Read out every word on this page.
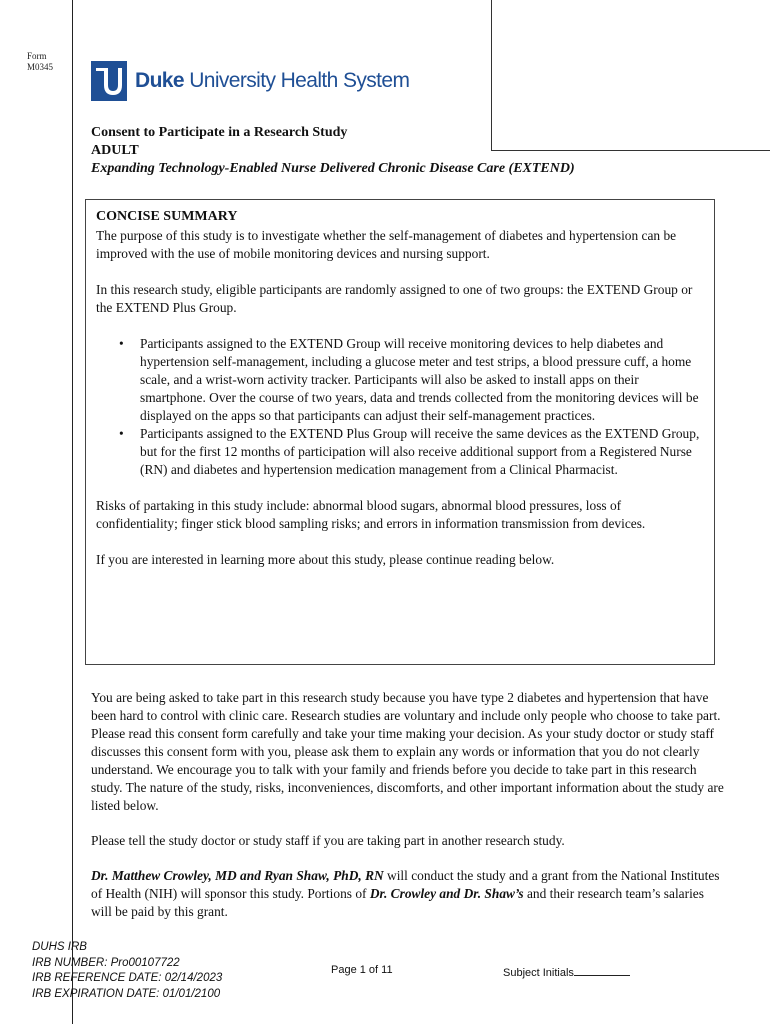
Form
M0345
Duke University Health System
Consent to Participate in a Research Study
ADULT
Expanding Technology-Enabled Nurse Delivered Chronic Disease Care (EXTEND)
CONCISE SUMMARY

The purpose of this study is to investigate whether the self-management of diabetes and hypertension can be improved with the use of mobile monitoring devices and nursing support.

In this research study, eligible participants are randomly assigned to one of two groups: the EXTEND Group or the EXTEND Plus Group.

• Participants assigned to the EXTEND Group will receive monitoring devices to help diabetes and hypertension self-management, including a glucose meter and test strips, a blood pressure cuff, a home scale, and a wrist-worn activity tracker. Participants will also be asked to install apps on their smartphone. Over the course of two years, data and trends collected from the monitoring devices will be displayed on the apps so that participants can adjust their self-management practices.
• Participants assigned to the EXTEND Plus Group will receive the same devices as the EXTEND Group, but for the first 12 months of participation will also receive additional support from a Registered Nurse (RN) and diabetes and hypertension medication management from a Clinical Pharmacist.

Risks of partaking in this study include: abnormal blood sugars, abnormal blood pressures, loss of confidentiality; finger stick blood sampling risks; and errors in information transmission from devices.

If you are interested in learning more about this study, please continue reading below.

You are being asked to take part in this research study because you have type 2 diabetes and hypertension that have been hard to control with clinic care. Research studies are voluntary and include only people who choose to take part. Please read this consent form carefully and take your time making your decision. As your study doctor or study staff discusses this consent form with you, please ask them to explain any words or information that you do not clearly understand. We encourage you to talk with your family and friends before you decide to take part in this research study. The nature of the study, risks, inconveniences, discomforts, and other important information about the study are listed below.

Please tell the study doctor or study staff if you are taking part in another research study.

Dr. Matthew Crowley, MD and Ryan Shaw, PhD, RN will conduct the study and a grant from the National Institutes of Health (NIH) will sponsor this study. Portions of Dr. Crowley and Dr. Shaw’s and their research team’s salaries will be paid by this grant.

DUHS IRB
IRB NUMBER: Pro00107722
IRB REFERENCE DATE: 02/14/2023
IRB EXPIRATION DATE: 01/01/2100
Page 1 of 11	Subject Initials
